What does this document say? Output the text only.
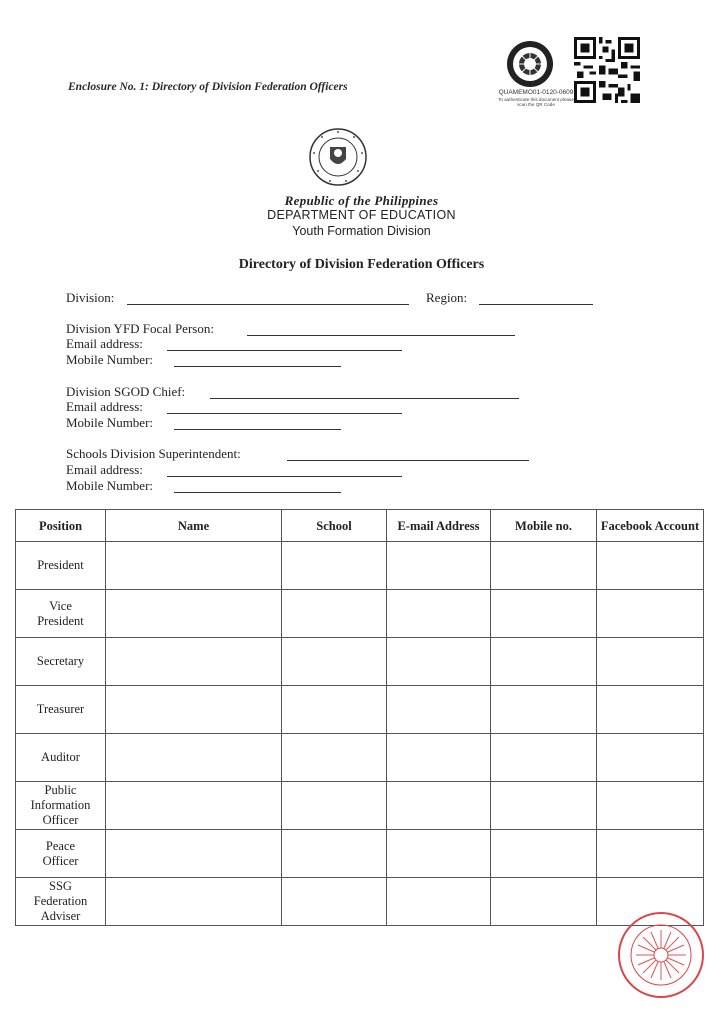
Enclosure No. 1: Directory of Division Federation Officers	QUAMEMO01-0120-0609
To authenticate this document please scan the QR Code
Republic of the Philippines
DEPARTMENT OF EDUCATION
Youth Formation Division
Directory of Division Federation Officers
Division:	Region:
Division YFD Focal Person:
Email address:
Mobile Number:
Division SGOD Chief:
Email address:
Mobile Number:
Schools Division Superintendent:
Email address:
Mobile Number:
Position	Name	School	E-mail Address	Mobile no.	Facebook Account
President					
Vice President					
Secretary					
Treasurer					
Auditor					
Public Information Officer					
Peace Officer					
SSG Federation Adviser					
